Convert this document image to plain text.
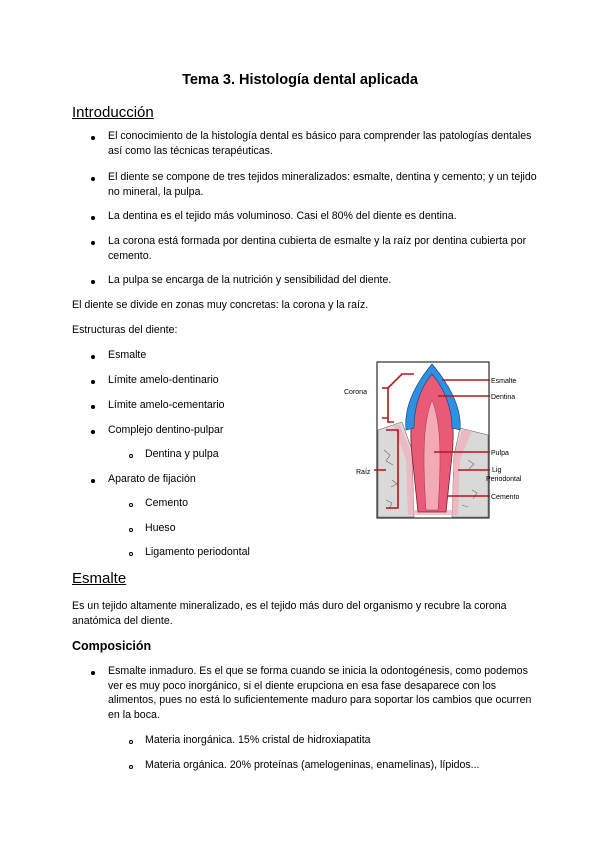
Tema 3. Histología dental aplicada
Introducción
El conocimiento de la histología dental es básico para comprender las patologías dentales así como las técnicas terapéuticas.
El diente se compone de tres tejidos mineralizados: esmalte, dentina y cemento; y un tejido no mineral, la pulpa.
La dentina es el tejido más voluminoso. Casi el 80% del diente es dentina.
La corona está formada por dentina cubierta de esmalte y la raíz por dentina cubierta por cemento.
La pulpa se encarga de la nutrición y sensibilidad del diente.
El diente se divide en zonas muy concretas: la corona y la raíz.
Estructuras del diente:
Esmalte
Límite amelo-dentinario
Límite amelo-cementario
Complejo dentino-pulpar
Dentina y pulpa
Aparato de fijación
Cemento
Hueso
Ligamento periodontal
Corona
Raíz
Esmalte
Dentina
Pulpa
Lig
Periodontal
Cemento
Esmalte
Es un tejido altamente mineralizado, es el tejido más duro del organismo y recubre la corona anatómica del diente.
Composición
Esmalte inmaduro. Es el que se forma cuando se inicia la odontogénesis, como podemos ver es muy poco inorgánico, si el diente erupciona en esa fase desaparece con los alimentos, pues no está lo suficientemente maduro para soportar los cambios que ocurren en la boca.
Materia inorgánica. 15% cristal de hidroxiapatita
Materia orgánica. 20% proteínas (amelogeninas, enamelinas), lípidos...
